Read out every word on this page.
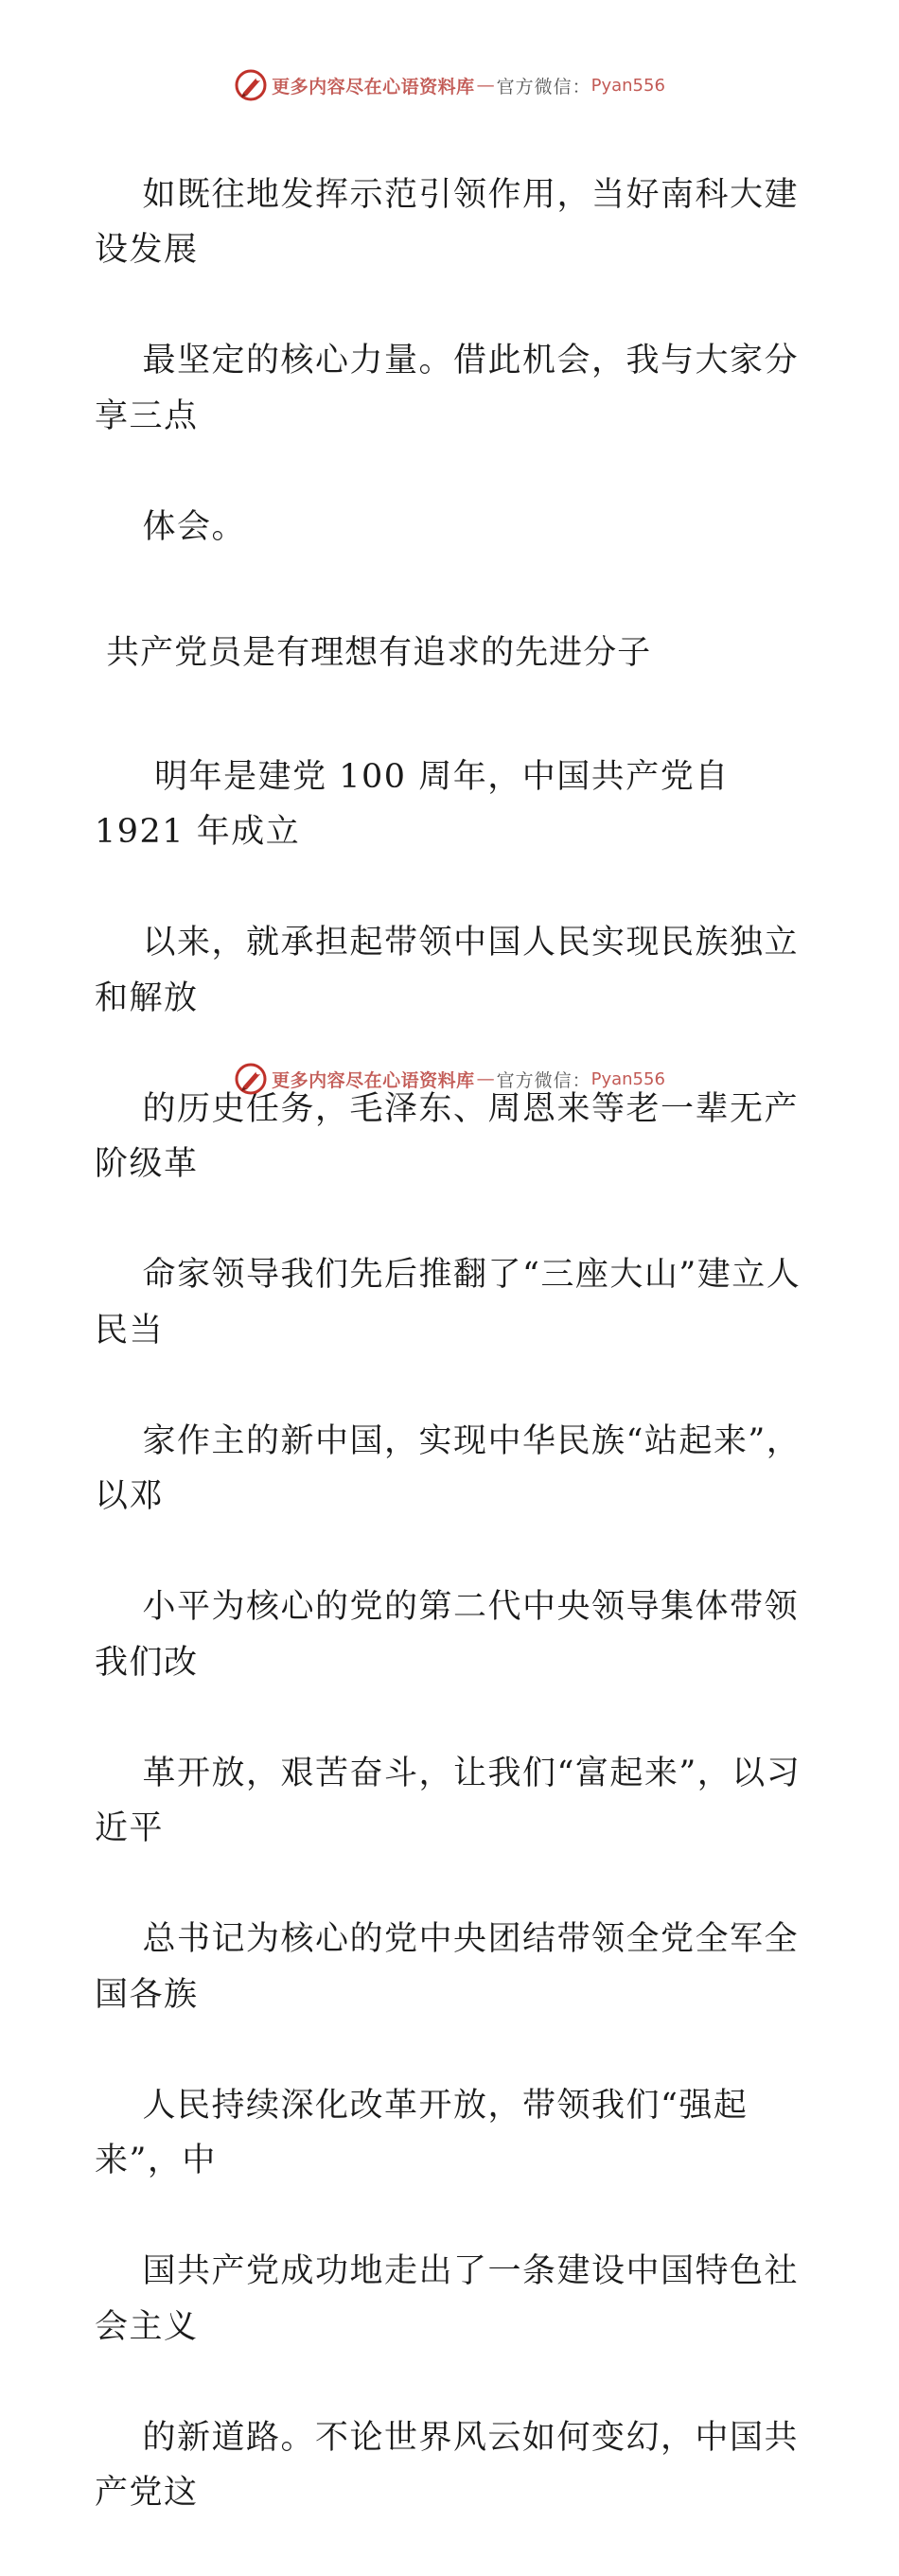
更多内容尽在心语资料库 — 官方微信： Pyan556

如既往地发挥示范引领作用，当好南科大建设发展

最坚定的核心力量。借此机会，我与大家分享三点

体会。

共产党员是有理想有追求的先进分子

明年是建党 100 周年，中国共产党自 1921 年成立

以来，就承担起带领中国人民实现民族独立和解放

的历史任务，毛泽东、周恩来等老一辈无产阶级革

命家领导我们先后推翻了“三座大山”建立人民当

家作主的新中国，实现中华民族“站起来”，以邓

小平为核心的党的第二代中央领导集体带领我们改

革开放，艰苦奋斗，让我们“富起来”，以习近平

总书记为核心的党中央团结带领全党全军全国各族

人民持续深化改革开放，带领我们“强起来”，中

国共产党成功地走出了一条建设中国特色社会主义

的新道路。不论世界风云如何变幻，中国共产党这

更多内容尽在心语资料库 — 官方微信： Pyan556
